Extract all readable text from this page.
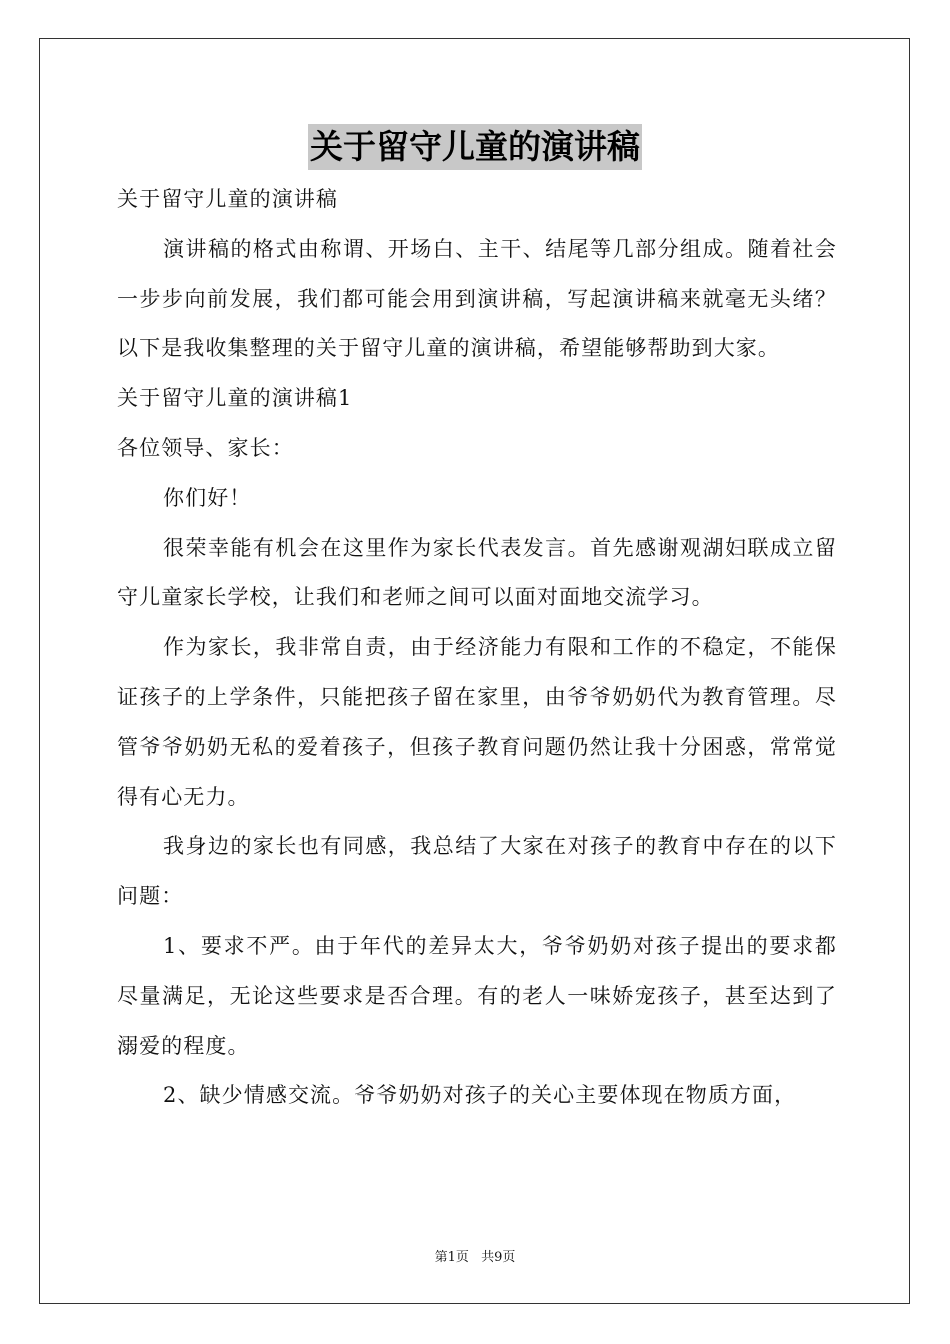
关于留守儿童的演讲稿

关于留守儿童的演讲稿

演讲稿的格式由称谓、开场白、主干、结尾等几部分组成。随着社会一步步向前发展，我们都可能会用到演讲稿，写起演讲稿来就毫无头绪？以下是我收集整理的关于留守儿童的演讲稿，希望能够帮助到大家。

关于留守儿童的演讲稿1

各位领导、家长：

你们好！

很荣幸能有机会在这里作为家长代表发言。首先感谢观湖妇联成立留守儿童家长学校，让我们和老师之间可以面对面地交流学习。

作为家长，我非常自责，由于经济能力有限和工作的不稳定，不能保证孩子的上学条件，只能把孩子留在家里，由爷爷奶奶代为教育管理。尽管爷爷奶奶无私的爱着孩子，但孩子教育问题仍然让我十分困惑，常常觉得有心无力。

我身边的家长也有同感，我总结了大家在对孩子的教育中存在的以下问题：

1、要求不严。由于年代的差异太大，爷爷奶奶对孩子提出的要求都尽量满足，无论这些要求是否合理。有的老人一味娇宠孩子，甚至达到了溺爱的程度。

2、缺少情感交流。爷爷奶奶对孩子的关心主要体现在物质方面，

第1页 共9页
